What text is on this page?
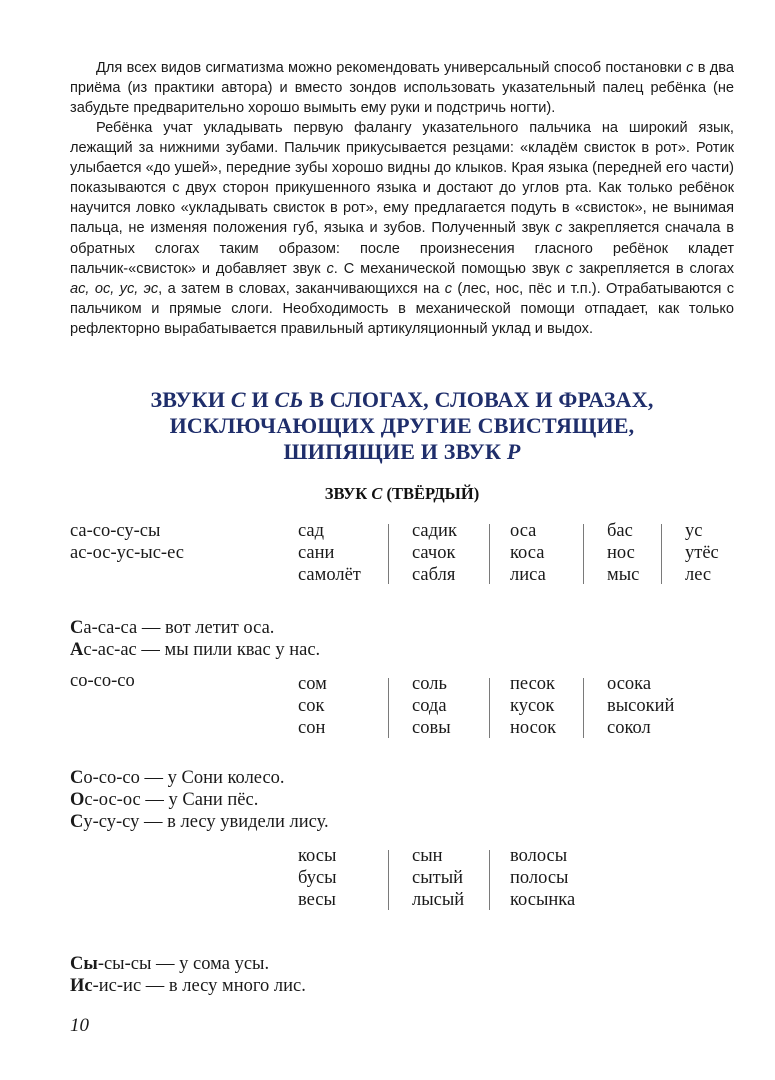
Для всех видов сигматизма можно рекомендовать универсальный способ постановки с в два приёма (из практики автора) и вместо зондов использовать указательный палец ребёнка (не забудьте предварительно хорошо вымыть ему руки и подстричь ногти).

Ребёнка учат укладывать первую фалангу указательного пальчика на широкий язык, лежащий за нижними зубами. Пальчик прикусывается резцами: «кладём свисток в рот». Ротик улыбается «до ушей», передние зубы хорошо видны до клыков. Края языка (передней его части) показываются с двух сторон прикушенного языка и достают до углов рта. Как только ребёнок научится ловко «укладывать свисток в рот», ему предлагается подуть в «свисток», не вынимая пальца, не изменяя положения губ, языка и зубов. Полученный звук с закрепляется сначала в обратных слогах таким образом: после произнесения гласного ребёнок кладет пальчик-«свисток» и добавляет звук с. С механической помощью звук с закрепляется в слогах ас, ос, ус, эс, а затем в словах, заканчивающихся на с (лес, нос, пёс и т.п.). Отрабатываются с пальчиком и прямые слоги. Необходимость в механической помощи отпадает, как только рефлекторно вырабатывается правильный артикуляционный уклад и выдох.

ЗВУКИ С И СЬ В СЛОГАХ, СЛОВАХ И ФРАЗАХ,
ИСКЛЮЧАЮЩИХ ДРУГИЕ СВИСТЯЩИЕ,
ШИПЯЩИЕ И ЗВУК Р
ЗВУК С (ТВЁРДЫЙ)
са-со-су-сы
ас-ос-ус-ыс-ес
сад
сани
самолёт
садик
сачок
сабля
оса
коса
лиса
бас
нос
мыс
ус
утёс
лес
Са-са-са — вот летит оса.
Ас-ас-ас — мы пили квас у нас.
со-со-со	сом
сок
сон
соль
сода
совы
песок
кусок
носок
осока
высокий
сокол
Со-со-со — у Сони колесо.
Ос-ос-ос — у Сани пёс.
Су-су-су — в лесу увидели лису.
косы
бусы
весы
сын
сытый
лысый
волосы
полосы
косынка
Сы-сы-сы — у сома усы.
Ис-ис-ис — в лесу много лис.
10
